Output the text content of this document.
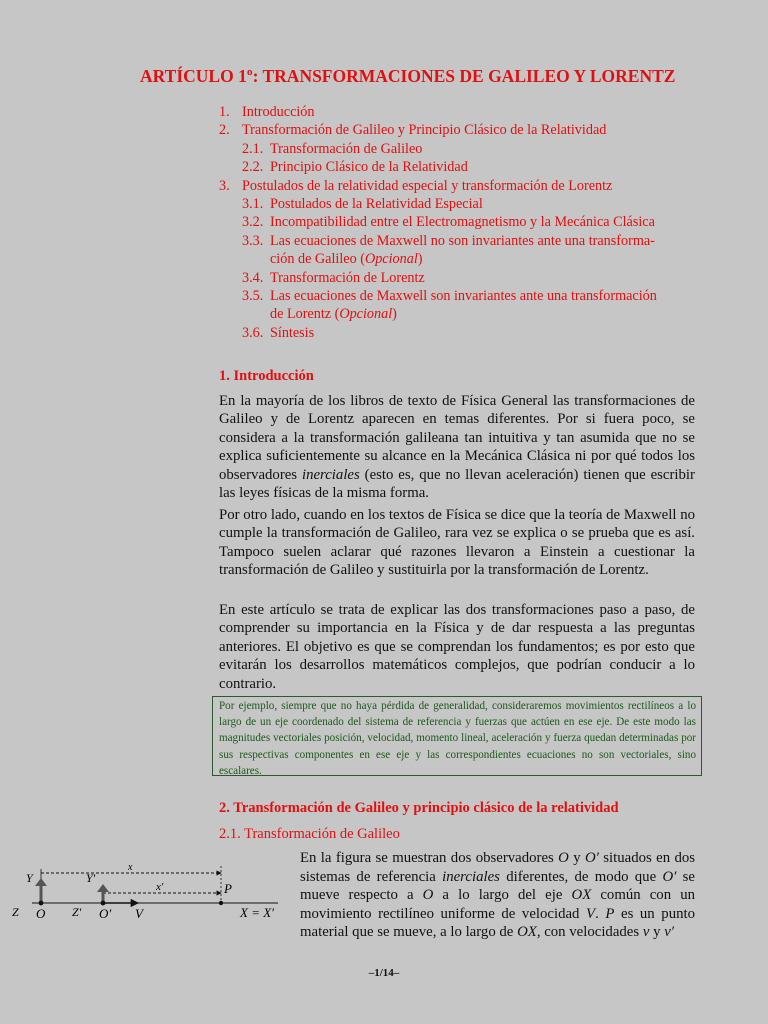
ARTÍCULO 1º: TRANSFORMACIONES DE GALILEO Y LORENTZ
1. Introducción
2. Transformación de Galileo y Principio Clásico de la Relatividad
2.1. Transformación de Galileo
2.2. Principio Clásico de la Relatividad
3. Postulados de la relatividad especial y transformación de Lorentz
3.1. Postulados de la Relatividad Especial
3.2. Incompatibilidad entre el Electromagnetismo y la Mecánica Clásica
3.3. Las ecuaciones de Maxwell no son invariantes ante una transforma-
ción de Galileo (Opcional)
3.4. Transformación de Lorentz
3.5. Las ecuaciones de Maxwell son invariantes ante una transformación
de Lorentz (Opcional)
3.6. Síntesis
1. Introducción

En la mayoría de los libros de texto de Física General las transformaciones de Galileo y de Lorentz aparecen en temas diferentes. Por si fuera poco, se considera a la transformación galileana tan intuitiva y tan asumida que no se explica suficientemente su alcance en la Mecánica Clásica ni por qué todos los observadores inerciales (esto es, que no llevan aceleración) tienen que escribir las leyes físicas de la misma forma.

Por otro lado, cuando en los textos de Física se dice que la teoría de Maxwell no cumple la transformación de Galileo, rara vez se explica o se prueba que es así. Tampoco suelen aclarar qué razones llevaron a Einstein a cuestionar la transformación de Galileo y sustituirla por la transformación de Lorentz.

En este artículo se trata de explicar las dos transformaciones paso a paso, de comprender su importancia en la Física y de dar respuesta a las preguntas anteriores. El objetivo es que se comprendan los fundamentos; es por esto que evitarán los desarrollos matemáticos complejos, que podrían conducir a lo contrario.

Por ejemplo, siempre que no haya pérdida de generalidad, consideraremos movimientos rectilíneos a lo largo de un eje coordenado del sistema de referencia y fuerzas que actúen en ese eje. De este modo las magnitudes vectoriales posición, velocidad, momento lineal, aceleración y fuerza quedan determinadas por sus respectivas componentes en ese eje y las correspondientes ecuaciones no son vectoriales, sino escalares.
2. Transformación de Galileo y principio clásico de la relatividad
2.1. Transformación de Galileo
Y	Y′
Z O Z′ O′ V
x
x′	P
X = X′

En la figura se muestran dos observadores O y O′ situados en dos sistemas de referencia inerciales diferentes, de modo que O′ se mueve respecto a O a lo largo del eje OX común con un movimiento rectilíneo uniforme de velocidad V. P es un punto material que se mueve, a lo largo de OX, con velocidades v y v′

–1/14–
